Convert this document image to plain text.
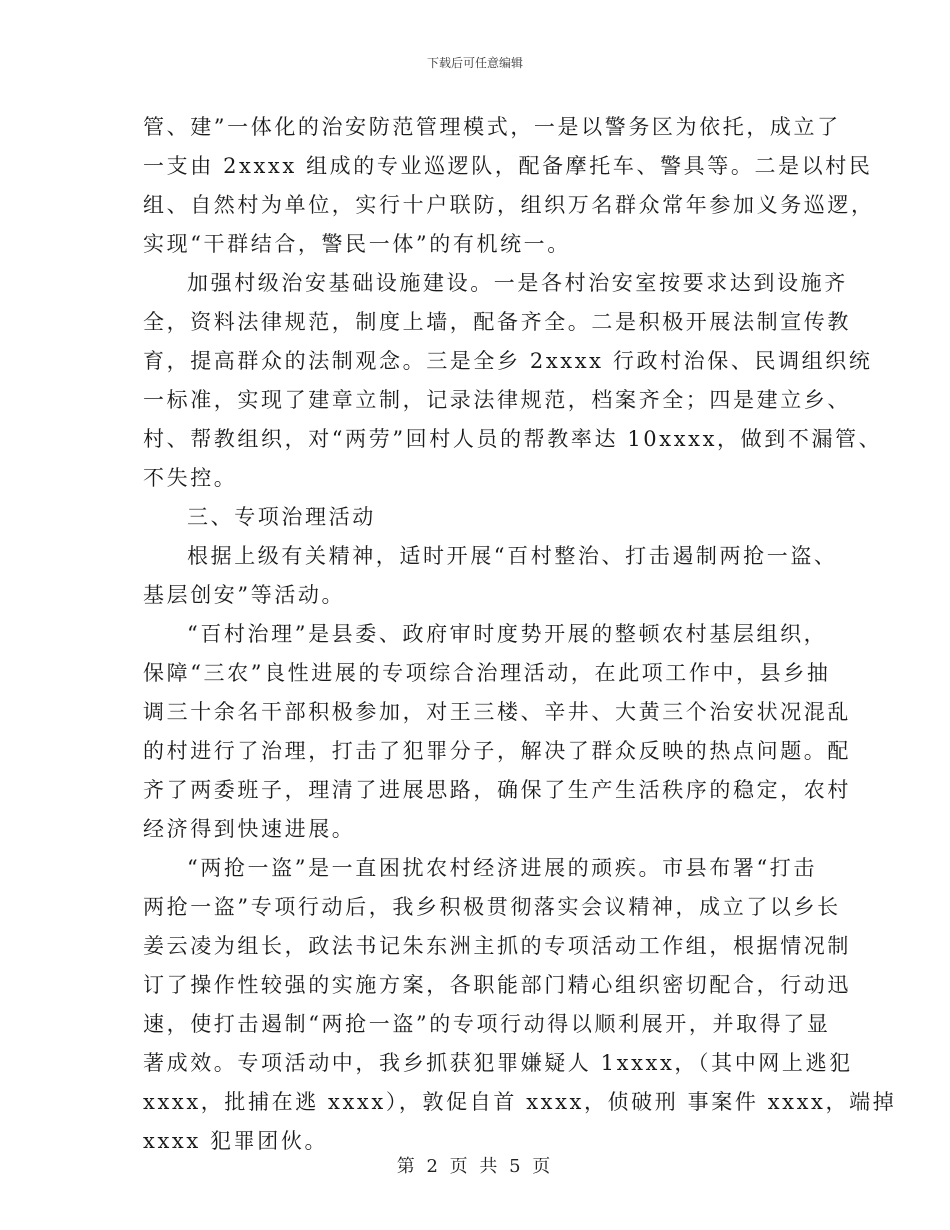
下载后可任意编辑
管、建”一体化的治安防范管理模式，一是以警务区为依托，成立了
一支由 2xxxx 组成的专业巡逻队，配备摩托车、警具等。二是以村民
组、自然村为单位，实行十户联防，组织万名群众常年参加义务巡逻，
实现“干群结合，警民一体”的有机统一。
加强村级治安基础设施建设。一是各村治安室按要求达到设施齐
全，资料法律规范，制度上墙，配备齐全。二是积极开展法制宣传教
育，提高群众的法制观念。三是全乡 2xxxx 行政村治保、民调组织统
一标准，实现了建章立制，记录法律规范，档案齐全；四是建立乡、
村、帮教组织，对“两劳”回村人员的帮教率达 10xxxx，做到不漏管、
不失控。
三、专项治理活动
根据上级有关精神，适时开展“百村整治、打击遏制两抢一盗、
基层创安”等活动。
“百村治理”是县委、政府审时度势开展的整顿农村基层组织，
保障“三农”良性进展的专项综合治理活动，在此项工作中，县乡抽
调三十余名干部积极参加，对王三楼、辛井、大黄三个治安状况混乱
的村进行了治理，打击了犯罪分子，解决了群众反映的热点问题。配
齐了两委班子，理清了进展思路，确保了生产生活秩序的稳定，农村
经济得到快速进展。
“两抢一盗”是一直困扰农村经济进展的顽疾。市县布署“打击
两抢一盗”专项行动后，我乡积极贯彻落实会议精神，成立了以乡长
姜云凌为组长，政法书记朱东洲主抓的专项活动工作组，根据情况制
订了操作性较强的实施方案，各职能部门精心组织密切配合，行动迅
速，使打击遏制“两抢一盗”的专项行动得以顺利展开，并取得了显
著成效。专项活动中，我乡抓获犯罪嫌疑人 1xxxx，（其中网上逃犯
xxxx，批捕在逃 xxxx），敦促自首 xxxx，侦破刑 事案件 xxxx，端掉
xxxx 犯罪团伙。
第 2 页 共 5 页
